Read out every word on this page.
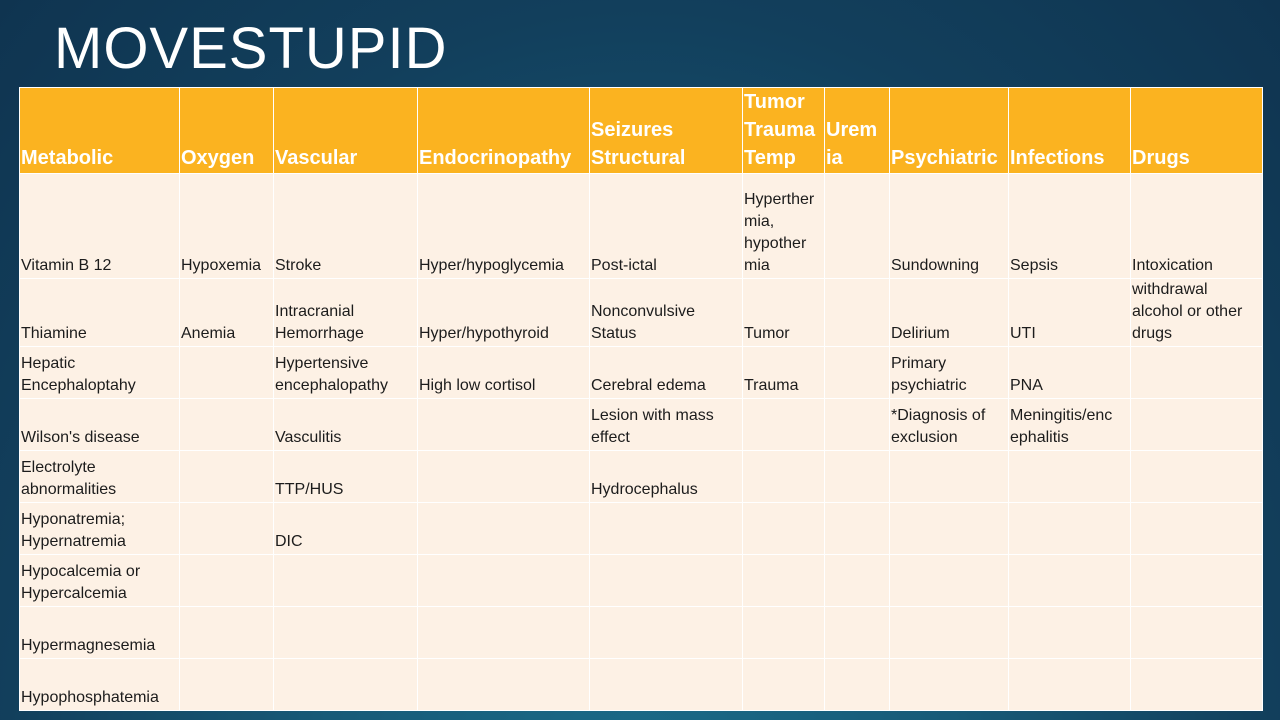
MOVESTUPID
Metabolic	Oxygen	Vascular	Endocrinopathy	Seizures Structural	Tumor Trauma Temp	Urem ia	Psychiatric	Infections	Drugs
Vitamin B 12	Hypoxemia	Stroke	Hyper/hypoglycemia	Post-ictal	Hyperther mia, hypother mia		Sundowning	Sepsis	Intoxication
Thiamine	Anemia	Intracranial Hemorrhage	Hyper/hypothyroid	Nonconvulsive Status	Tumor		Delirium	UTI	withdrawal alcohol or other drugs
Hepatic Encephaloptahy		Hypertensive encephalopathy	High low cortisol	Cerebral edema	Trauma		Primary psychiatric	PNA	
Wilson's disease		Vasculitis		Lesion with mass effect			*Diagnosis of exclusion	Meningitis/enc ephalitis	
Electrolyte abnormalities		TTP/HUS		Hydrocephalus					
Hyponatremia; Hypernatremia		DIC							
Hypocalcemia or Hypercalcemia									
Hypermagnesemia									
Hypophosphatemia									
